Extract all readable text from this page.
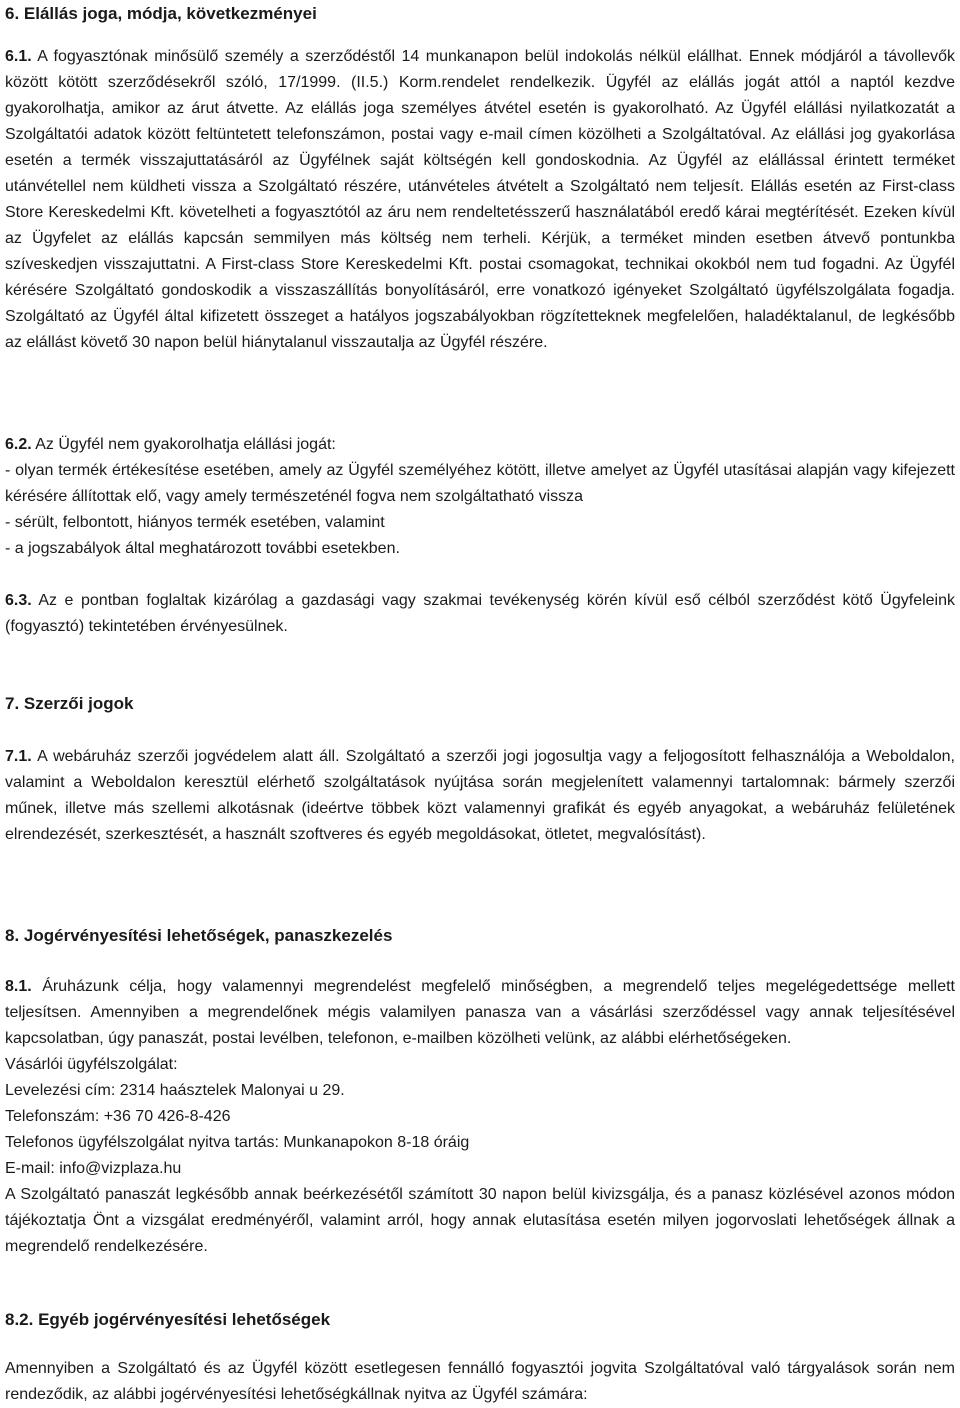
6. Elállás joga, módja, következményei

6.1. A fogyasztónak minősülő személy a szerződéstől 14 munkanapon belül indokolás nélkül elállhat. Ennek módjáról a távollevők között kötött szerződésekről szóló, 17/1999. (II.5.) Korm.rendelet rendelkezik. Ügyfél az elállás jogát attól a naptól kezdve gyakorolhatja, amikor az árut átvette. Az elállás joga személyes átvétel esetén is gyakorolható. Az Ügyfél elállási nyilatkozatát a Szolgáltatói adatok között feltüntetett telefonszámon, postai vagy e-mail címen közölheti a Szolgáltatóval. Az elállási jog gyakorlása esetén a termék visszajuttatásáról az Ügyfélnek saját költségén kell gondoskodnia. Az Ügyfél az elállással érintett terméket utánvétellel nem küldheti vissza a Szolgáltató részére, utánvételes átvételt a Szolgáltató nem teljesít. Elállás esetén az First-class Store Kereskedelmi Kft. követelheti a fogyasztótól az áru nem rendeltetésszerű használatából eredő kárai megtérítését. Ezeken kívül az Ügyfelet az elállás kapcsán semmilyen más költség nem terheli. Kérjük, a terméket minden esetben átvevő pontunkba szíveskedjen visszajuttatni. A First-class Store Kereskedelmi Kft. postai csomagokat, technikai okokból nem tud fogadni. Az Ügyfél kérésére Szolgáltató gondoskodik a visszaszállítás bonyolításáról, erre vonatkozó igényeket Szolgáltató ügyfélszolgálata fogadja. Szolgáltató az Ügyfél által kifizetett összeget a hatályos jogszabályokban rögzítetteknek megfelelően, haladéktalanul, de legkésőbb az elállást követő 30 napon belül hiánytalanul visszautalja az Ügyfél részére.

6.2. Az Ügyfél nem gyakorolhatja elállási jogát:
- olyan termék értékesítése esetében, amely az Ügyfél személyéhez kötött, illetve amelyet az Ügyfél utasításai alapján vagy kifejezett kérésére állítottak elő, vagy amely természeténél fogva nem szolgáltatható vissza
- sérült, felbontott, hiányos termék esetében, valamint
- a jogszabályok által meghatározott további esetekben.

6.3. Az e pontban foglaltak kizárólag a gazdasági vagy szakmai tevékenység körén kívül eső célból szerződést kötő Ügyfeleink (fogyasztó) tekintetében érvényesülnek.

7. Szerzői jogok

7.1. A webáruház szerzői jogvédelem alatt áll. Szolgáltató a szerzői jogi jogosultja vagy a feljogosított felhasználója a Weboldalon, valamint a Weboldalon keresztül elérhető szolgáltatások nyújtása során megjelenített valamennyi tartalomnak: bármely szerzői műnek, illetve más szellemi alkotásnak (ideértve többek közt valamennyi grafikát és egyéb anyagokat, a webáruház felületének elrendezését, szerkesztését, a használt szoftveres és egyéb megoldásokat, ötletet, megvalósítást).

8. Jogérvényesítési lehetőségek, panaszkezelés

8.1. Áruházunk célja, hogy valamennyi megrendelést megfelelő minőségben, a megrendelő teljes megelégedettsége mellett teljesítsen. Amennyiben a megrendelőnek mégis valamilyen panasza van a vásárlási szerződéssel vagy annak teljesítésével kapcsolatban, úgy panaszát, postai levélben, telefonon, e-mailben közölheti velünk, az alábbi elérhetőségeken.
Vásárlói ügyfélszolgálat:
Levelezési cím: 2314 haásztelek Malonyai u 29.
Telefonszám: +36 70 426-8-426
Telefonos ügyfélszolgálat nyitva tartás: Munkanapokon 8-18 óráig
E-mail: info@vizplaza.hu
A Szolgáltató panaszát legkésőbb annak beérkezésétől számított 30 napon belül kivizsgálja, és a panasz közlésével azonos módon tájékoztatja Önt a vizsgálat eredményéről, valamint arról, hogy annak elutasítása esetén milyen jogorvoslati lehetőségek állnak a megrendelő rendelkezésére.

8.2. Egyéb jogérvényesítési lehetőségek

Amennyiben a Szolgáltató és az Ügyfél között esetlegesen fennálló fogyasztói jogvita Szolgáltatóval való tárgyalások során nem rendeződik, az alábbi jogérvényesítési lehetőségkállnak nyitva az Ügyfél számára:
